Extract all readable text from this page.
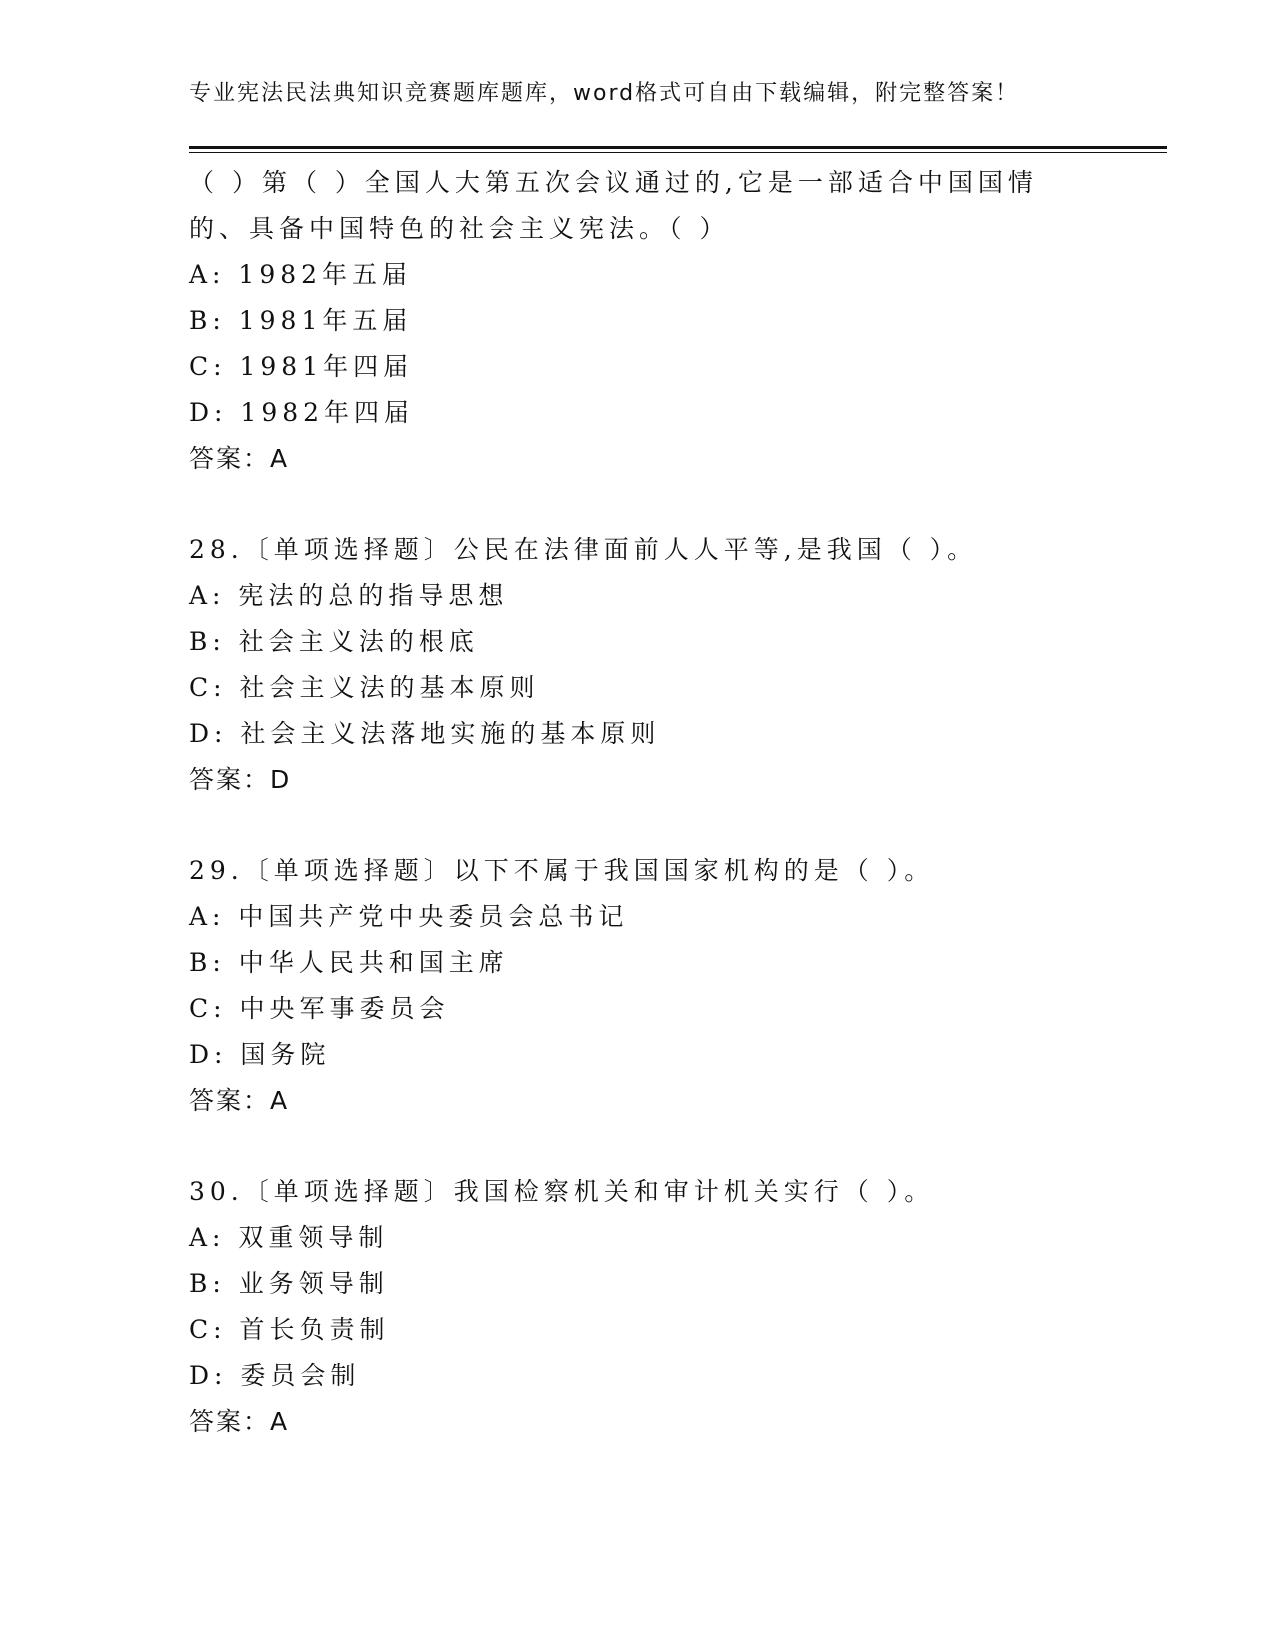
专业宪法民法典知识竞赛题库题库，word格式可自由下载编辑，附完整答案！
（ ）第（ ）全国人大第五次会议通过的,它是一部适合中国国情
的、具备中国特色的社会主义宪法。（ ）
A: 1982年五届
B: 1981年五届
C: 1981年四届
D: 1982年四届
答案：A
28.〔单项选择题〕公民在法律面前人人平等,是我国（ ）。
A: 宪法的总的指导思想
B: 社会主义法的根底
C: 社会主义法的基本原则
D: 社会主义法落地实施的基本原则
答案：D
29.〔单项选择题〕以下不属于我国国家机构的是（ ）。
A: 中国共产党中央委员会总书记
B: 中华人民共和国主席
C: 中央军事委员会
D: 国务院
答案：A
30.〔单项选择题〕我国检察机关和审计机关实行（ ）。
A: 双重领导制
B: 业务领导制
C: 首长负责制
D: 委员会制
答案：A
